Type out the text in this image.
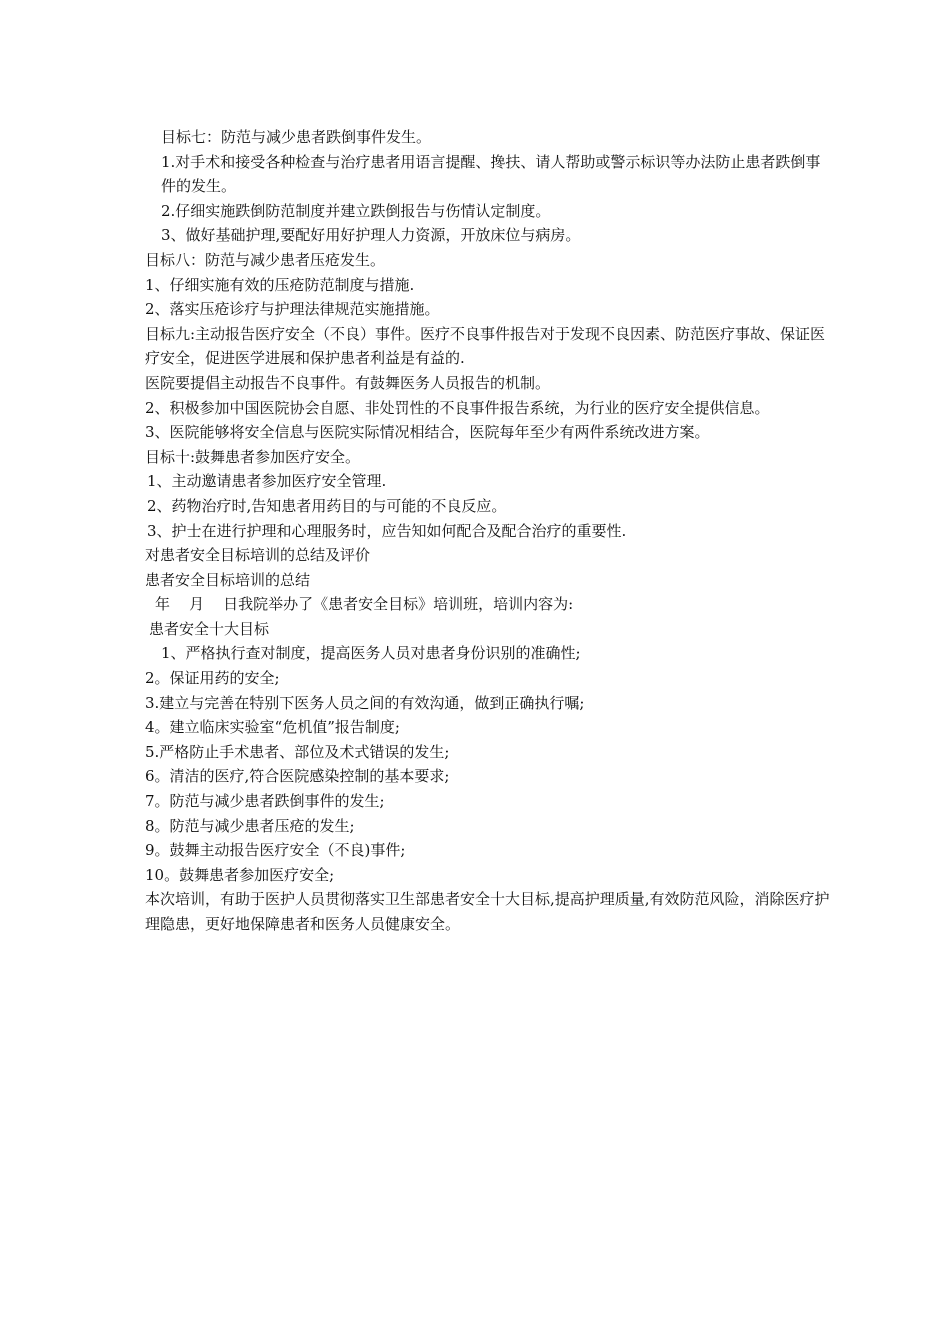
目标七：防范与减少患者跌倒事件发生。
1.对手术和接受各种检查与治疗患者用语言提醒、搀扶、请人帮助或警示标识等办法防止患者跌倒事件的发生。
2.仔细实施跌倒防范制度并建立跌倒报告与伤情认定制度。
3、做好基础护理,要配好用好护理人力资源，开放床位与病房。
目标八：防范与减少患者压疮发生。
1、仔细实施有效的压疮防范制度与措施.
2、落实压疮诊疗与护理法律规范实施措施。
目标九:主动报告医疗安全（不良）事件。医疗不良事件报告对于发现不良因素、防范医疗事故、保证医疗安全，促进医学进展和保护患者利益是有益的.
医院要提倡主动报告不良事件。有鼓舞医务人员报告的机制。
2、积极参加中国医院协会自愿、非处罚性的不良事件报告系统，为行业的医疗安全提供信息。
3、医院能够将安全信息与医院实际情况相结合，医院每年至少有两件系统改进方案。
目标十:鼓舞患者参加医疗安全。
1、主动邀请患者参加医疗安全管理.
2、药物治疗时,告知患者用药目的与可能的不良反应。
3、护士在进行护理和心理服务时，应告知如何配合及配合治疗的重要性.
对患者安全目标培训的总结及评价
患者安全目标培训的总结
年    月    日我院举办了《患者安全目标》培训班，培训内容为:
患者安全十大目标
1、严格执行查对制度，提高医务人员对患者身份识别的准确性;
2。保证用药的安全;
3.建立与完善在特别下医务人员之间的有效沟通，做到正确执行嘱;
4。建立临床实验室“危机值”报告制度;
5.严格防止手术患者、部位及术式错误的发生;
6。清洁的医疗,符合医院感染控制的基本要求;
7。防范与减少患者跌倒事件的发生;
8。防范与减少患者压疮的发生;
9。鼓舞主动报告医疗安全（不良)事件;
10。鼓舞患者参加医疗安全;
本次培训，有助于医护人员贯彻落实卫生部患者安全十大目标,提高护理质量,有效防范风险，消除医疗护理隐患，更好地保障患者和医务人员健康安全。
